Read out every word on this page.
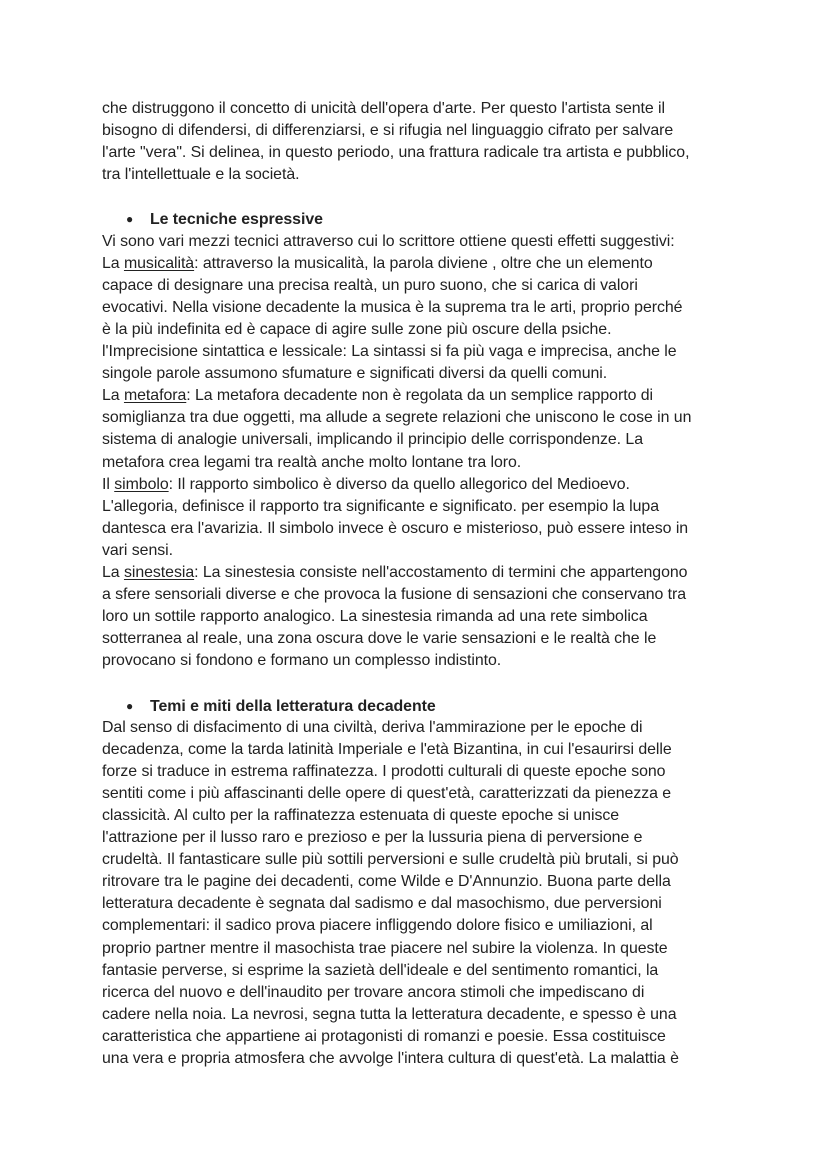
che distruggono il concetto di unicità dell'opera d'arte. Per questo l'artista sente il
bisogno di difendersi, di differenziarsi, e si rifugia nel linguaggio cifrato per salvare
l'arte "vera". Si delinea, in questo periodo, una frattura radicale tra artista e pubblico,
tra l'intellettuale e la società.
● Le tecniche espressive
Vi sono vari mezzi tecnici attraverso cui lo scrittore ottiene questi effetti suggestivi:
La musicalità: attraverso la musicalità, la parola diviene , oltre che un elemento
capace di designare una precisa realtà, un puro suono, che si carica di valori
evocativi. Nella visione decadente la musica è la suprema tra le arti, proprio perché
è la più indefinita ed è capace di agire sulle zone più oscure della psiche.
l'Imprecisione sintattica e lessicale: La sintassi si fa più vaga e imprecisa, anche le
singole parole assumono sfumature e significati diversi da quelli comuni.
La metafora: La metafora decadente non è regolata da un semplice rapporto di
somiglianza tra due oggetti, ma allude a segrete relazioni che uniscono le cose in un
sistema di analogie universali, implicando il principio delle corrispondenze. La
metafora crea legami tra realtà anche molto lontane tra loro.
Il simbolo: Il rapporto simbolico è diverso da quello allegorico del Medioevo.
L'allegoria, definisce il rapporto tra significante e significato. per esempio la lupa
dantesca era l'avarizia. Il simbolo invece è oscuro e misterioso, può essere inteso in
vari sensi.
La sinestesia: La sinestesia consiste nell'accostamento di termini che appartengono
a sfere sensoriali diverse e che provoca la fusione di sensazioni che conservano tra
loro un sottile rapporto analogico. La sinestesia rimanda ad una rete simbolica
sotterranea al reale, una zona oscura dove le varie sensazioni e le realtà che le
provocano si fondono e formano un complesso indistinto.
● Temi e miti della letteratura decadente
Dal senso di disfacimento di una civiltà, deriva l'ammirazione per le epoche di
decadenza, come la tarda latinità Imperiale e l'età Bizantina, in cui l'esaurirsi delle
forze si traduce in estrema raffinatezza. I prodotti culturali di queste epoche sono
sentiti come i più affascinanti delle opere di quest'età, caratterizzati da pienezza e
classicità. Al culto per la raffinatezza estenuata di queste epoche si unisce
l'attrazione per il lusso raro e prezioso e per la lussuria piena di perversione e
crudeltà. Il fantasticare sulle più sottili perversioni e sulle crudeltà più brutali, si può
ritrovare tra le pagine dei decadenti, come Wilde e D'Annunzio. Buona parte della
letteratura decadente è segnata dal sadismo e dal masochismo, due perversioni
complementari: il sadico prova piacere infliggendo dolore fisico e umiliazioni, al
proprio partner mentre il masochista trae piacere nel subire la violenza. In queste
fantasie perverse, si esprime la sazietà dell'ideale e del sentimento romantici, la
ricerca del nuovo e dell'inaudito per trovare ancora stimoli che impediscano di
cadere nella noia. La nevrosi, segna tutta la letteratura decadente, e spesso è una
caratteristica che appartiene ai protagonisti di romanzi e poesie. Essa costituisce
una vera e propria atmosfera che avvolge l'intera cultura di quest'età. La malattia è
